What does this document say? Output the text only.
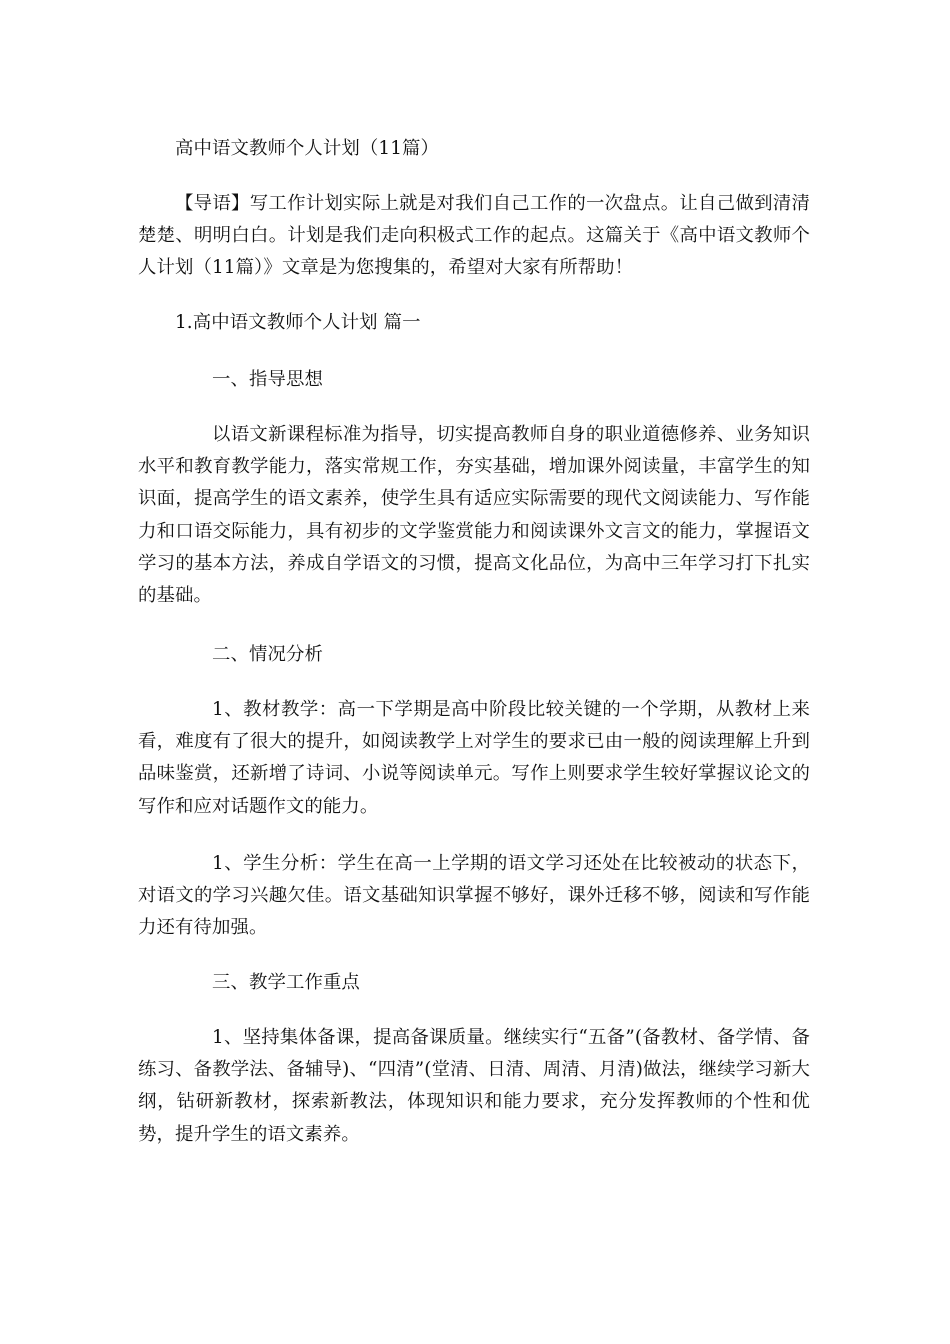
高中语文教师个人计划（11篇）

【导语】写工作计划实际上就是对我们自己工作的一次盘点。让自己做到清清楚楚、明明白白。计划是我们走向积极式工作的起点。这篇关于《高中语文教师个人计划（11篇）》文章是为您搜集的，希望对大家有所帮助！

1.高中语文教师个人计划 篇一

一、指导思想

以语文新课程标准为指导，切实提高教师自身的职业道德修养、业务知识水平和教育教学能力，落实常规工作，夯实基础，增加课外阅读量，丰富学生的知识面，提高学生的语文素养，使学生具有适应实际需要的现代文阅读能力、写作能力和口语交际能力，具有初步的文学鉴赏能力和阅读课外文言文的能力，掌握语文学习的基本方法，养成自学语文的习惯，提高文化品位，为高中三年学习打下扎实的基础。

二、情况分析

1、教材教学：高一下学期是高中阶段比较关键的一个学期，从教材上来看，难度有了很大的提升，如阅读教学上对学生的要求已由一般的阅读理解上升到品味鉴赏，还新增了诗词、小说等阅读单元。写作上则要求学生较好掌握议论文的写作和应对话题作文的能力。

1、学生分析：学生在高一上学期的语文学习还处在比较被动的状态下，对语文的学习兴趣欠佳。语文基础知识掌握不够好，课外迁移不够，阅读和写作能力还有待加强。

三、教学工作重点

1、坚持集体备课，提高备课质量。继续实行“五备”(备教材、备学情、备练习、备教学法、备辅导)、“四清”(堂清、日清、周清、月清)做法，继续学习新大纲，钻研新教材，探索新教法，体现知识和能力要求，充分发挥教师的个性和优势，提升学生的语文素养。
